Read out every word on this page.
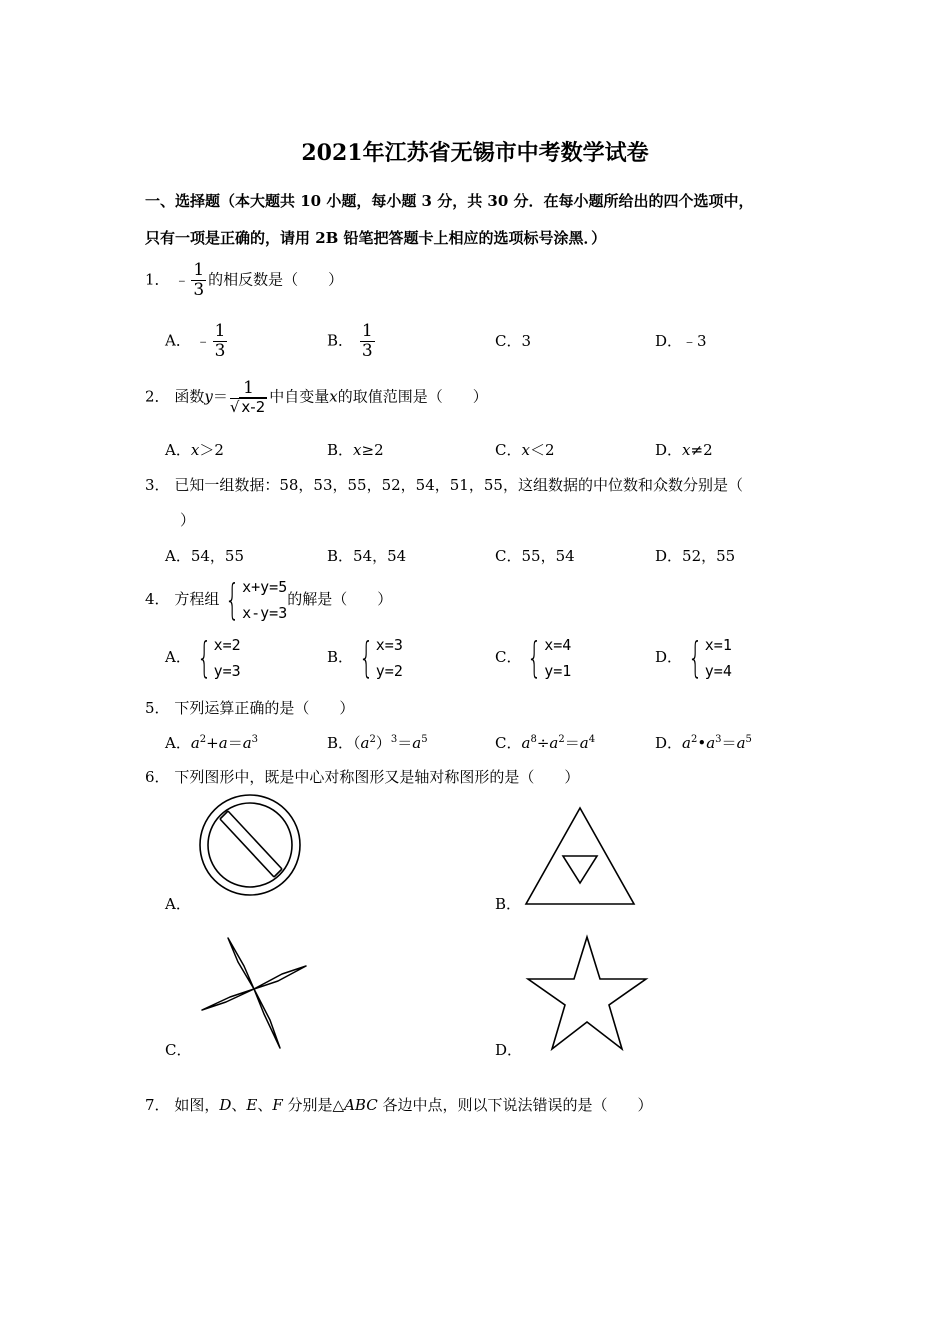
2021年江苏省无锡市中考数学试卷
一、选择题（本大题共 10 小题，每小题 3 分，共 30 分．在每小题所给出的四个选项中，
只有一项是正确的，请用 2B 铅笔把答题卡上相应的选项标号涂黑．）
1． ﹣ $\frac{1}{3}$ 的相反数是（　　）
A． ﹣ $\frac{1}{3}$	B． $\frac{1}{3}$	C．3	D．﹣3
2． 函数$y= \frac{1}{√ x-2}$ 中自变量x的取值范围是（　　）
A．x＞2	B．x≥2	C．x＜2	D．x≠2
3． 已知一组数据：58，53，55，52，54，51，55，这组数据的中位数和众数分别是（
）
A．54，55	B．54，54	C．55，54	D．52，55
4． 方程组 { x+y=5
x-y=3
的解是（　　）
A． { x=2
y=3
B． { x=3
y=2
C． { x=4
y=1
D． { x=1
y=4
5． 下列运算正确的是（　　）
A．$a^2+a=a^3$	B．$(a^2)^3=a^5$	C．$a^8\div a^2=a^4$	D．$a^2•a^3=a^5$
6． 下列图形中，既是中心对称图形又是轴对称图形的是（　　）
A．	B．
C．	D．
7． 如图，D、E、F 分别是△ABC 各边中点，则以下说法错误的是（　　）
